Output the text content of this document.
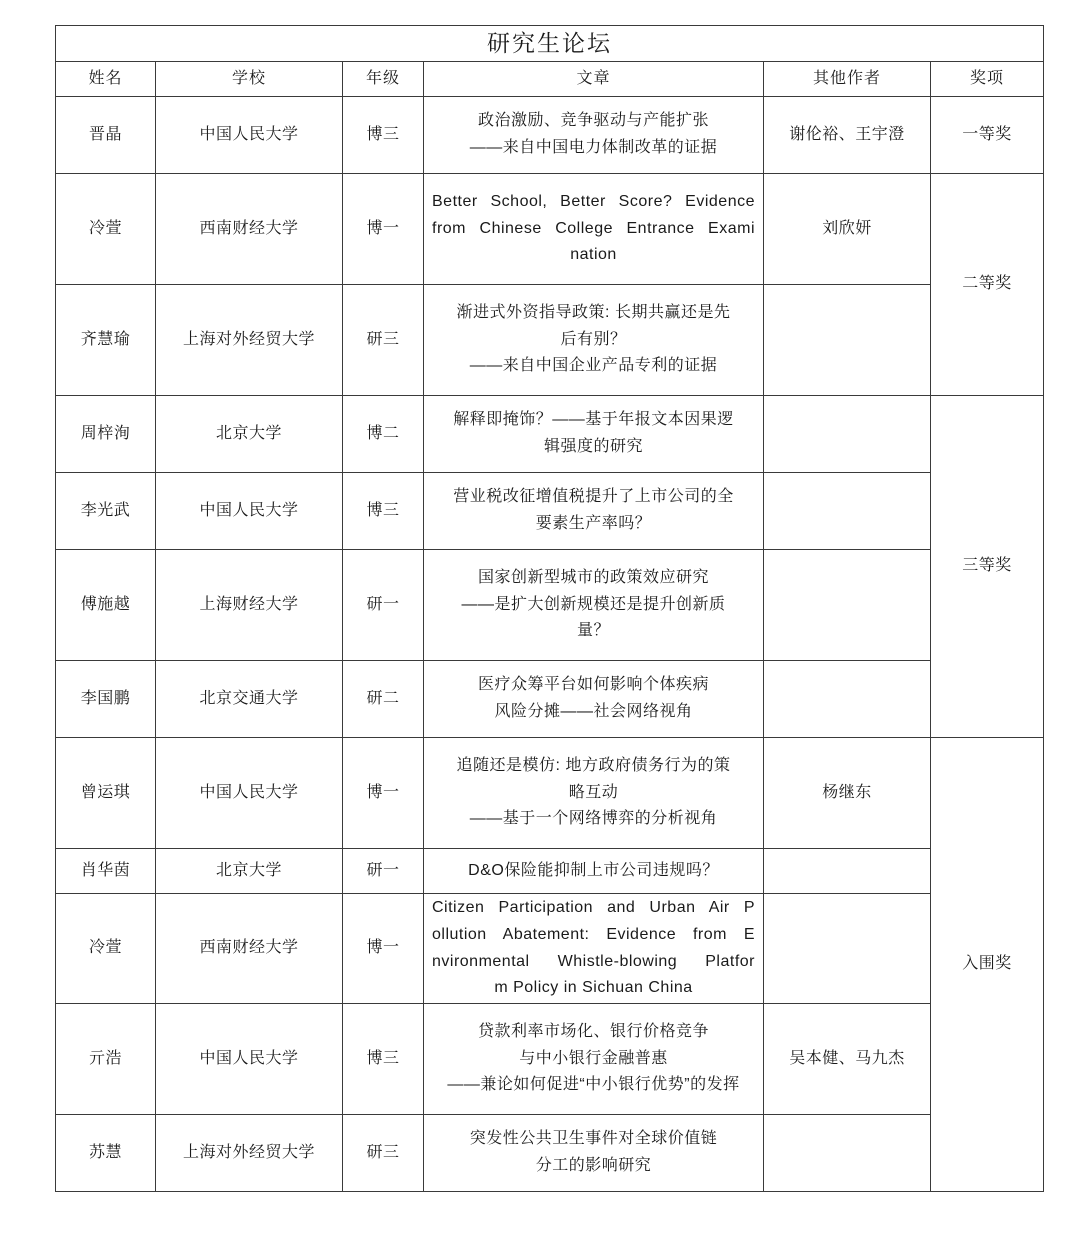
研究生论坛					
姓名	学校	年级	文章	其他作者	奖项
晋晶	中国人民大学	博三	政治激励、竞争驱动与产能扩张
——来自中国电力体制改革的证据	谢伦裕、王宇澄	一等奖
冷萱	西南财经大学	博一	Better School, Better Score? Evidence
from Chinese College Entrance Exami
nation	刘欣妍	二等奖
齐慧瑜	上海对外经贸大学	研三	渐进式外资指导政策: 长期共赢还是先
后有别？
——来自中国企业产品专利的证据		

周梓洵	北京大学	博二	解释即掩饰？——基于年报文本因果逻
辑强度的研究		三等奖
李光武	中国人民大学	博三	营业税改征增值税提升了上市公司的全
要素生产率吗？		

傅施越	上海财经大学	研一	国家创新型城市的政策效应研究
——是扩大创新规模还是提升创新质
量？		

李国鹏	北京交通大学	研二	医疗众筹平台如何影响个体疾病
风险分摊——社会网络视角		

曾运琪	中国人民大学	博一	追随还是模仿: 地方政府债务行为的策
略互动
——基于一个网络博弈的分析视角	杨继东	入围奖
肖华茵	北京大学	研一	D&O保险能抑制上市公司违规吗？		

冷萱	西南财经大学	博一	Citizen Participation and Urban Air P
ollution Abatement: Evidence from E
nvironmental Whistle-blowing Platfor
m Policy in Sichuan China		

亓浩	中国人民大学	博三	贷款利率市场化、银行价格竞争
与中小银行金融普惠
——兼论如何促进“中小银行优势”的发挥	吴本健、马九杰	
苏慧	上海对外经贸大学	研三	突发性公共卫生事件对全球价值链
分工的影响研究		
